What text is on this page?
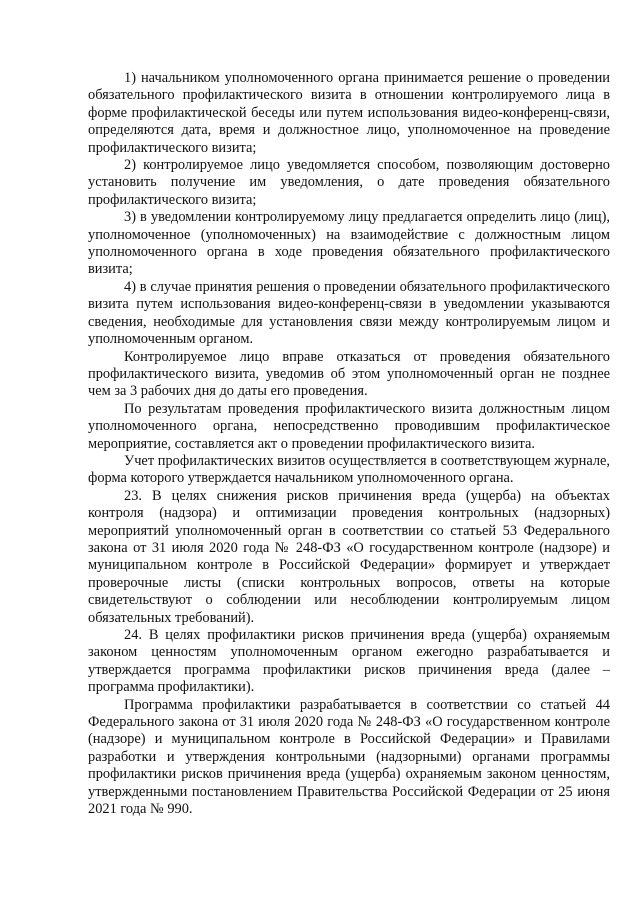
1) начальником уполномоченного органа принимается решение о проведении обязательного профилактического визита в отношении контролируемого лица в форме профилактической беседы или путем использования видео-конференц-связи, определяются дата, время и должностное лицо, уполномоченное на проведение профилактического визита;

2) контролируемое лицо уведомляется способом, позволяющим достоверно установить получение им уведомления, о дате проведения обязательного профилактического визита;

3) в уведомлении контролируемому лицу предлагается определить лицо (лиц), уполномоченное (уполномоченных) на взаимодействие с должностным лицом уполномоченного органа в ходе проведения обязательного профилактического визита;

4) в случае принятия решения о проведении обязательного профилактического визита путем использования видео-конференц-связи в уведомлении указываются сведения, необходимые для установления связи между контролируемым лицом и уполномоченным органом.

Контролируемое лицо вправе отказаться от проведения обязательного профилактического визита, уведомив об этом уполномоченный орган не позднее чем за 3 рабочих дня до даты его проведения.

По результатам проведения профилактического визита должностным лицом уполномоченного органа, непосредственно проводившим профилактическое мероприятие, составляется акт о проведении профилактического визита.

Учет профилактических визитов осуществляется в соответствующем журнале, форма которого утверждается начальником уполномоченного органа.

23. В целях снижения рисков причинения вреда (ущерба) на объектах контроля (надзора) и оптимизации проведения контрольных (надзорных) мероприятий уполномоченный орган в соответствии со статьей 53 Федерального закона от 31 июля 2020 года № 248-ФЗ «О государственном контроле (надзоре) и муниципальном контроле в Российской Федерации» формирует и утверждает проверочные листы (списки контрольных вопросов, ответы на которые свидетельствуют о соблюдении или несоблюдении контролируемым лицом обязательных требований).

24. В целях профилактики рисков причинения вреда (ущерба) охраняемым законом ценностям уполномоченным органом ежегодно разрабатывается и утверждается программа профилактики рисков причинения вреда (далее – программа профилактики).

Программа профилактики разрабатывается в соответствии со статьей 44 Федерального закона от 31 июля 2020 года № 248-ФЗ «О государственном контроле (надзоре) и муниципальном контроле в Российской Федерации» и Правилами разработки и утверждения контрольными (надзорными) органами программы профилактики рисков причинения вреда (ущерба) охраняемым законом ценностям, утвержденными постановлением Правительства Российской Федерации от 25 июня 2021 года № 990.
